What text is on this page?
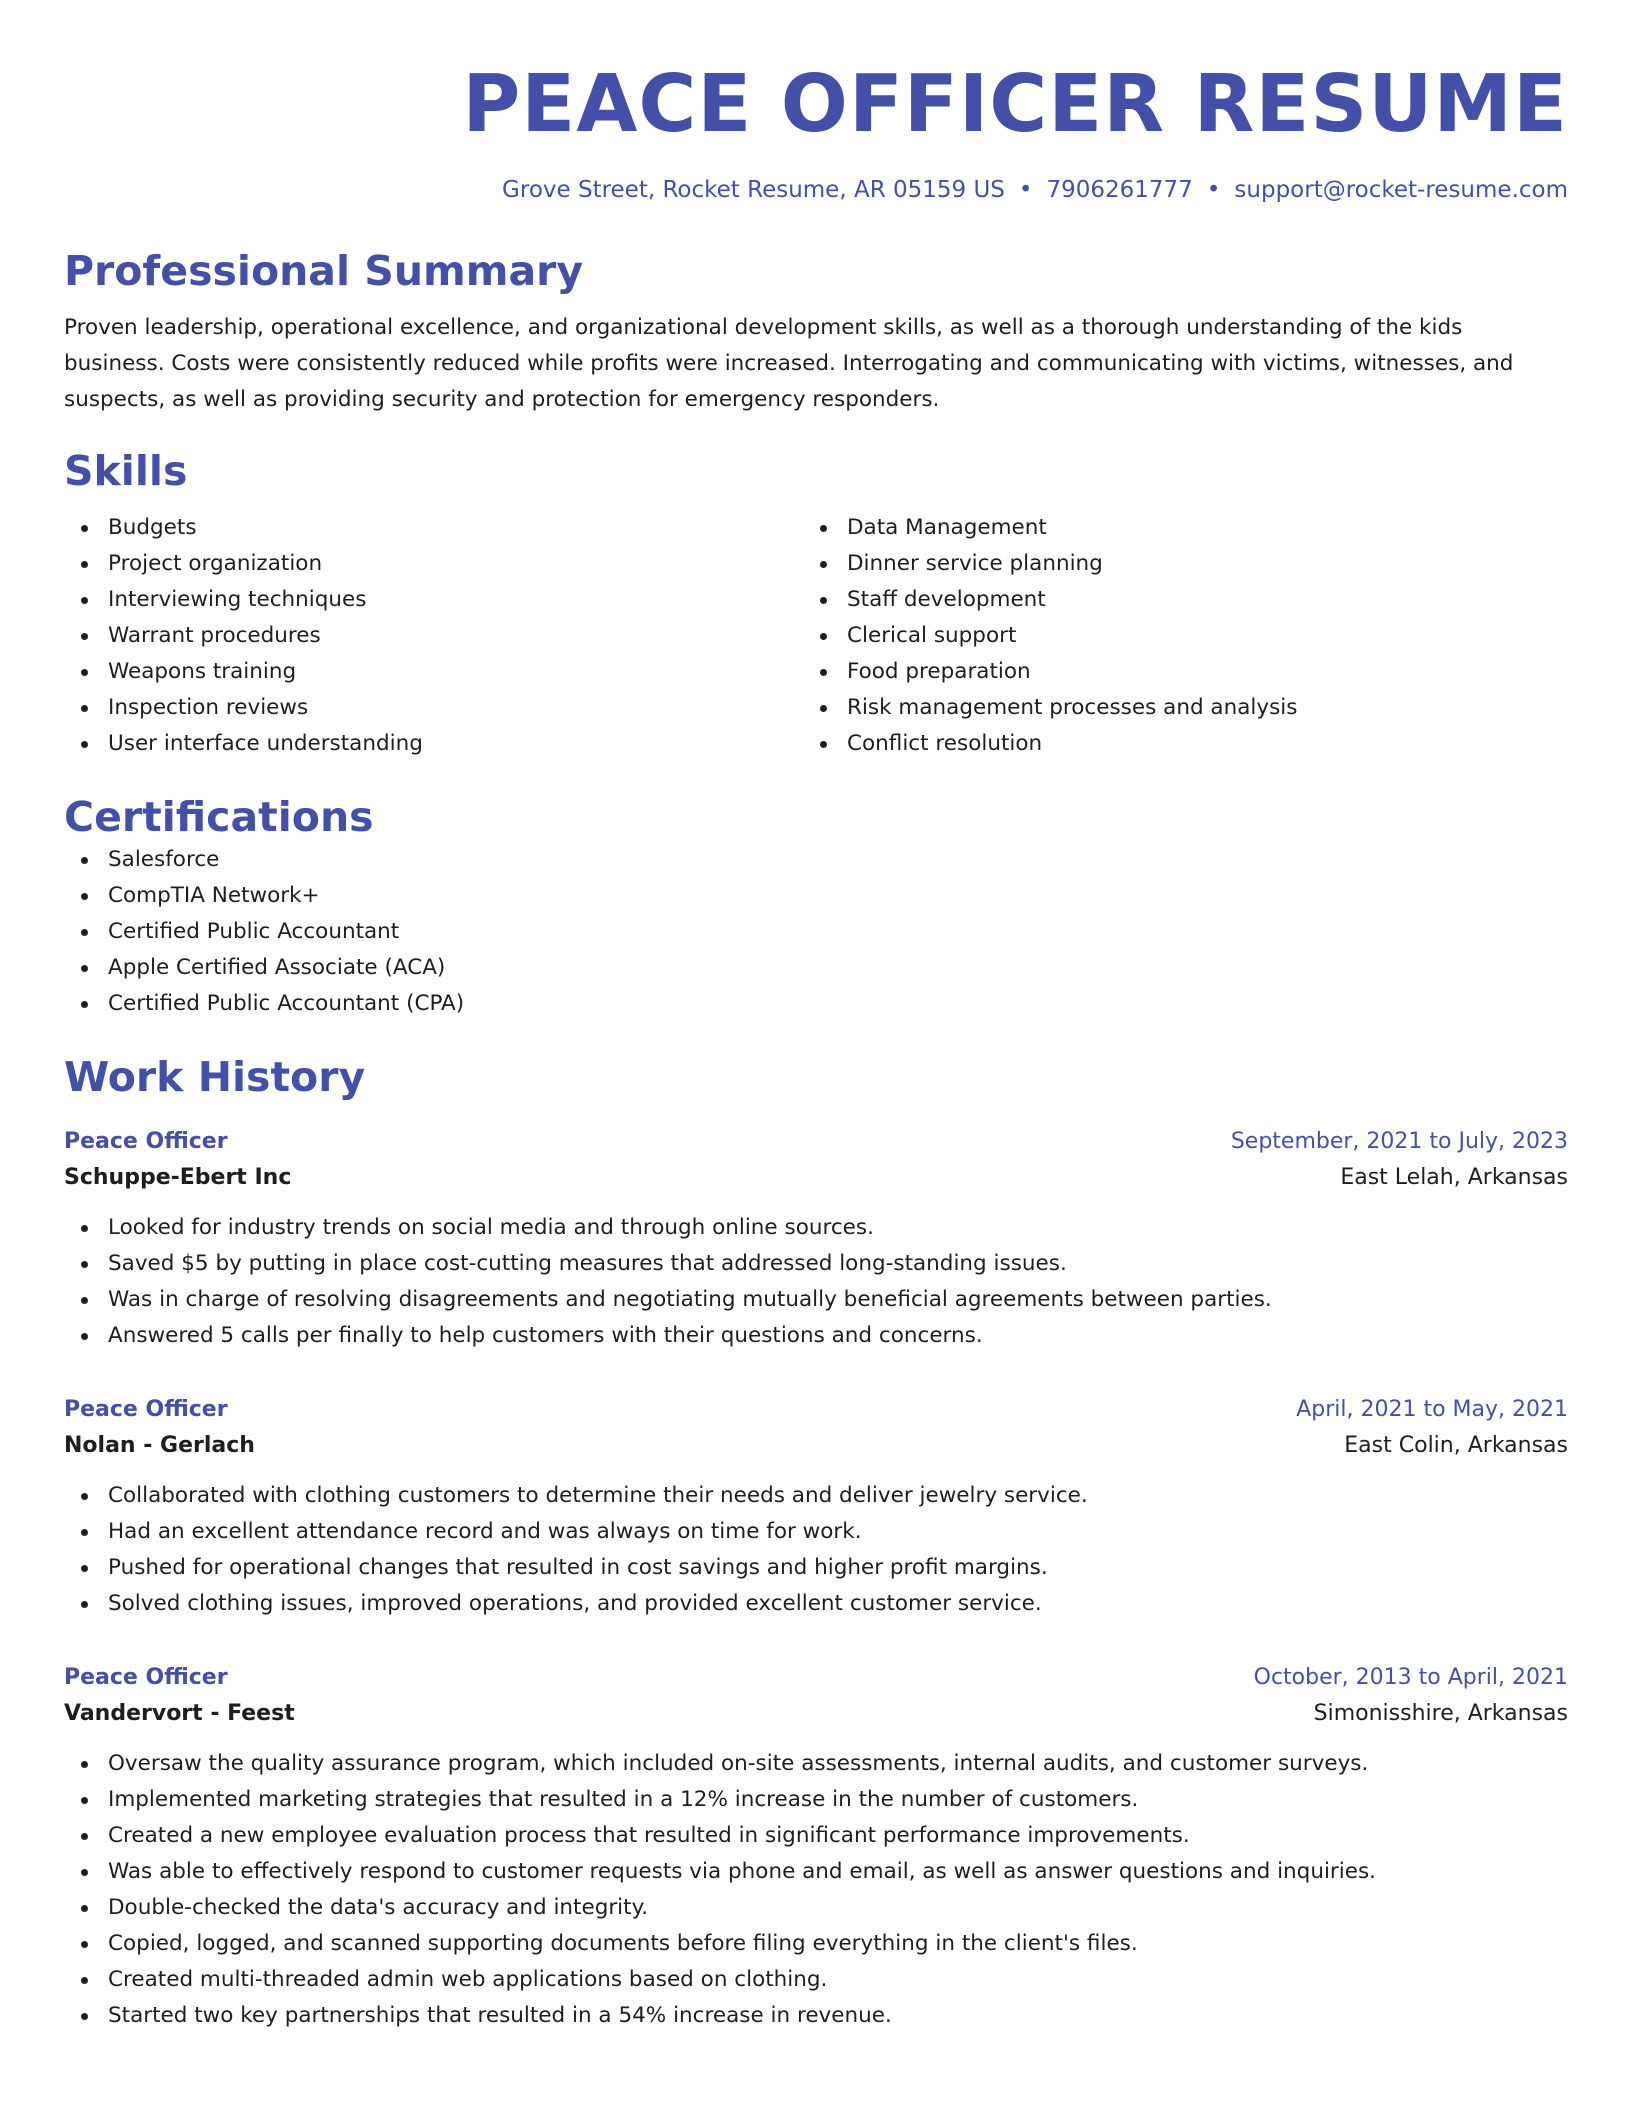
PEACE OFFICER RESUME
Grove Street, Rocket Resume, AR 05159 US • 7906261777 • support@rocket-resume.com
Professional Summary
Proven leadership, operational excellence, and organizational development skills, as well as a thorough understanding of the kids business. Costs were consistently reduced while profits were increased. Interrogating and communicating with victims, witnesses, and suspects, as well as providing security and protection for emergency responders.
Skills
Budgets
Project organization
Interviewing techniques
Warrant procedures
Weapons training
Inspection reviews
User interface understanding
Data Management
Dinner service planning
Staff development
Clerical support
Food preparation
Risk management processes and analysis
Conflict resolution
Certifications
Salesforce
CompTIA Network+
Certified Public Accountant
Apple Certified Associate (ACA)
Certified Public Accountant (CPA)
Work History
Peace Officer	September, 2021 to July, 2023
Schuppe-Ebert Inc	East Lelah, Arkansas
Looked for industry trends on social media and through online sources.
Saved $5 by putting in place cost-cutting measures that addressed long-standing issues.
Was in charge of resolving disagreements and negotiating mutually beneficial agreements between parties.
Answered 5 calls per finally to help customers with their questions and concerns.
Peace Officer	April, 2021 to May, 2021
Nolan - Gerlach	East Colin, Arkansas
Collaborated with clothing customers to determine their needs and deliver jewelry service.
Had an excellent attendance record and was always on time for work.
Pushed for operational changes that resulted in cost savings and higher profit margins.
Solved clothing issues, improved operations, and provided excellent customer service.
Peace Officer	October, 2013 to April, 2021
Vandervort - Feest	Simonisshire, Arkansas
Oversaw the quality assurance program, which included on-site assessments, internal audits, and customer surveys.
Implemented marketing strategies that resulted in a 12% increase in the number of customers.
Created a new employee evaluation process that resulted in significant performance improvements.
Was able to effectively respond to customer requests via phone and email, as well as answer questions and inquiries.
Double-checked the data's accuracy and integrity.
Copied, logged, and scanned supporting documents before filing everything in the client's files.
Created multi-threaded admin web applications based on clothing.
Started two key partnerships that resulted in a 54% increase in revenue.
